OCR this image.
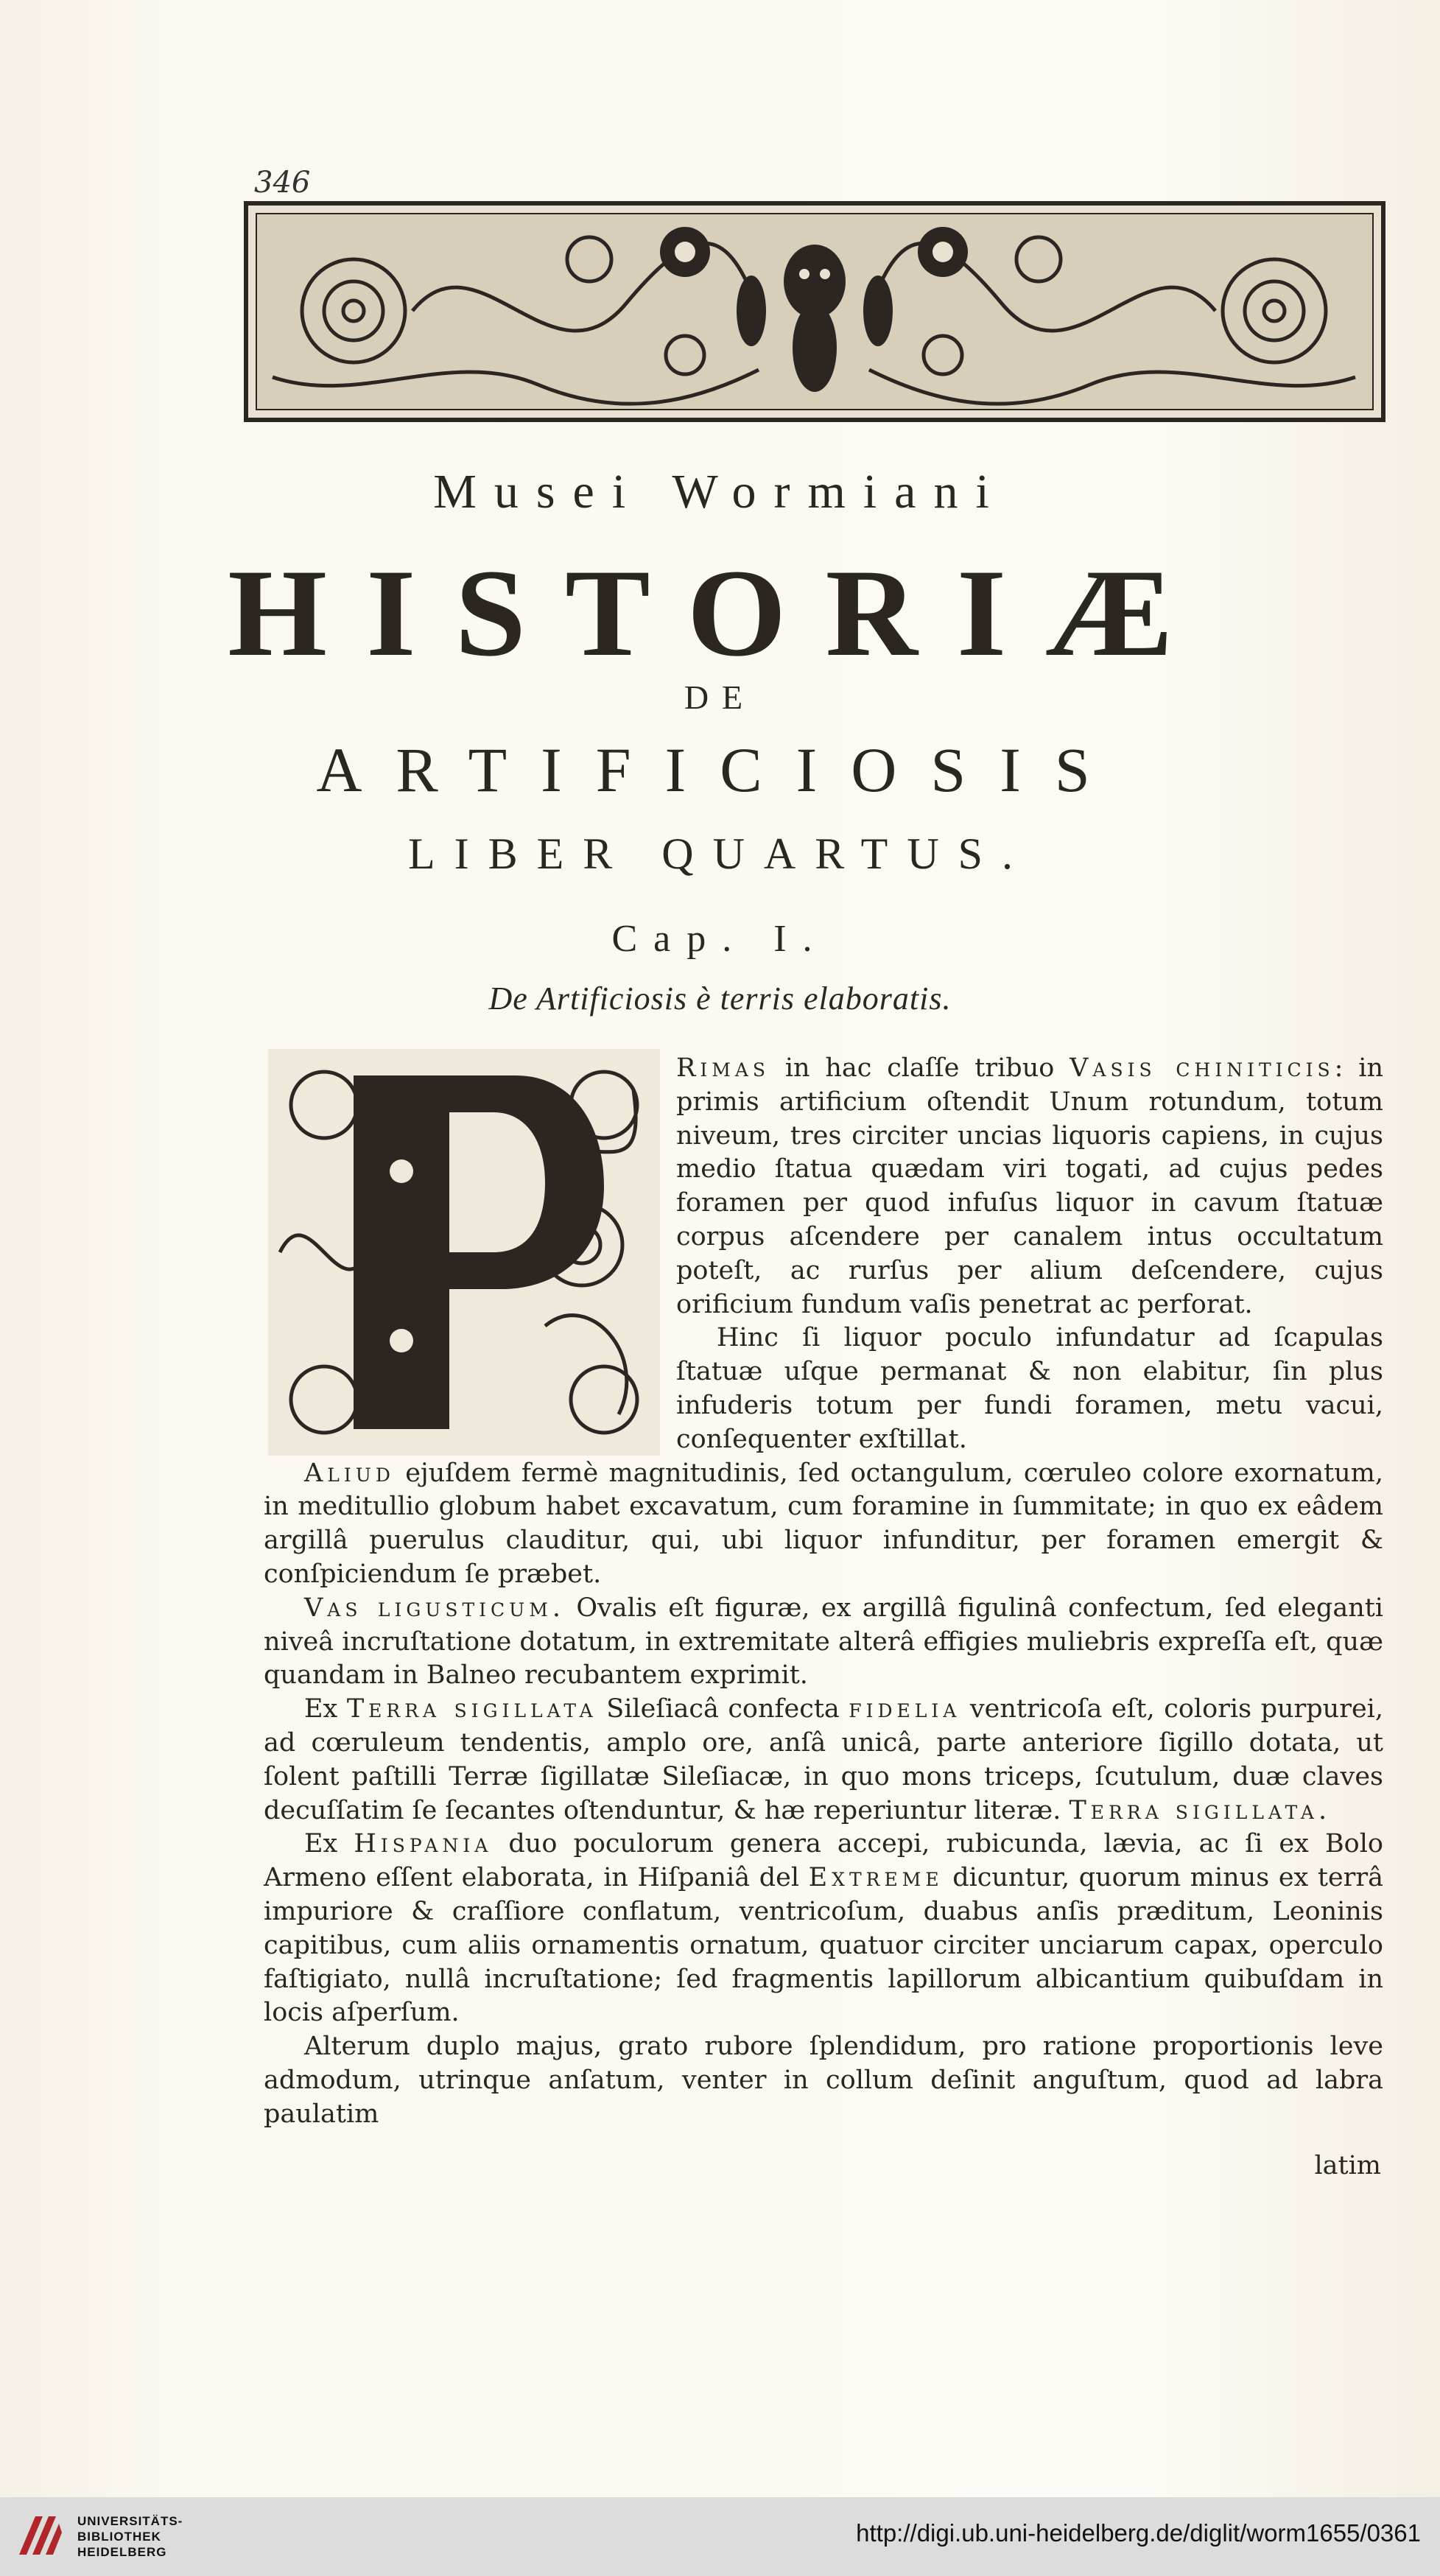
346
Musei Wormiani
HISTORIÆ
DE
ARTIFICIOSIS
LIBER QUARTUS.
Cap. I.
De Artificiosis è terris elaboratis.

Rimas in hac claſſe tribuo Vasis chiniticis: in primis artificium oſtendit Unum rotundum, totum niveum, tres circiter uncias liquoris capiens, in cujus medio ſtatua quædam viri togati, ad cujus pedes foramen per quod infuſus liquor in cavum ſtatuæ corpus aſcendere per canalem intus occultatum poteſt, ac rurſus per alium deſcendere, cujus orificium fundum vaſis penetrat ac perforat.

Hinc ſi liquor poculo infundatur ad ſcapulas ſtatuæ uſque permanat & non elabitur, ſin plus infuderis totum per fundi foramen, metu vacui, conſequenter exſtillat.

Aliud ejuſdem fermè magnitudinis, ſed octangulum, cœruleo colore exornatum, in meditullio globum habet excavatum, cum foramine in ſummitate; in quo ex eâdem argillâ puerulus clauditur, qui, ubi liquor infunditur, per foramen emergit & conſpiciendum ſe præbet.

Vas ligusticum. Ovalis eſt figuræ, ex argillâ figulinâ confectum, ſed eleganti niveâ incruſtatione dotatum, in extremitate alterâ effigies muliebris expreſſa eſt, quæ quandam in Balneo recubantem exprimit.

Ex Terra sigillata Sileſiacâ confecta fidelia ventricoſa eſt, coloris purpurei, ad cœruleum tendentis, amplo ore, anſâ unicâ, parte anteriore ſigillo dotata, ut ſolent paſtilli Terræ ſigillatæ Sileſiacæ, in quo mons triceps, ſcutulum, duæ claves decuſſatim ſe ſecantes oſtenduntur, & hæ reperiuntur literæ. Terra sigillata.

Ex Hispania duo poculorum genera accepi, rubicunda, lævia, ac ſi ex Bolo Armeno eſſent elaborata, in Hiſpaniâ del Extreme dicuntur, quorum minus ex terrâ impuriore & craſſiore conflatum, ventricoſum, duabus anſis præditum, Leoninis capitibus, cum aliis ornamentis ornatum, quatuor circiter unciarum capax, operculo faſtigiato, nullâ incruſtatione; ſed fragmentis lapillorum albicantium quibuſdam in locis aſperſum.

Alterum duplo majus, grato rubore ſplendidum, pro ratione proportionis leve admodum, utrinque anſatum, venter in collum deſinit anguſtum, quod ad labra paulatim

latim
UNIVERSITÄTS-
BIBLIOTHEK
HEIDELBERG
http://digi.ub.uni-heidelberg.de/diglit/worm1655/0361
